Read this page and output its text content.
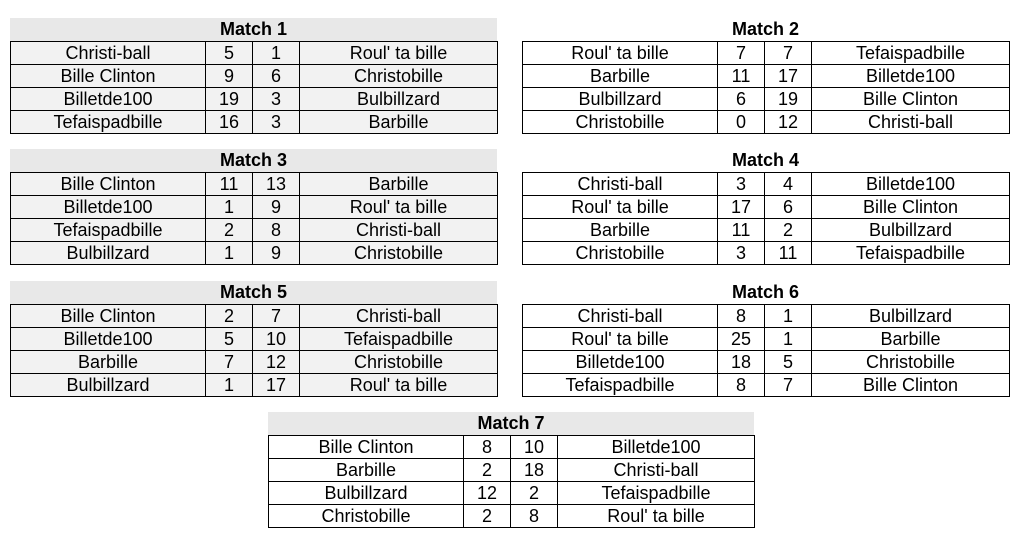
Match 1
Christi-ball	5	1	Roul' ta bille
Bille Clinton	9	6	Christobille
Billetde100	19	3	Bulbillzard
Tefaispadbille	16	3	Barbille
Match 2
Roul' ta bille	7	7	Tefaispadbille
Barbille	11	17	Billetde100
Bulbillzard	6	19	Bille Clinton
Christobille	0	12	Christi-ball
Match 3
Bille Clinton	11	13	Barbille
Billetde100	1	9	Roul' ta bille
Tefaispadbille	2	8	Christi-ball
Bulbillzard	1	9	Christobille
Match 4
Christi-ball	3	4	Billetde100
Roul' ta bille	17	6	Bille Clinton
Barbille	11	2	Bulbillzard
Christobille	3	11	Tefaispadbille
Match 5
Bille Clinton	2	7	Christi-ball
Billetde100	5	10	Tefaispadbille
Barbille	7	12	Christobille
Bulbillzard	1	17	Roul' ta bille
Match 6
Christi-ball	8	1	Bulbillzard
Roul' ta bille	25	1	Barbille
Billetde100	18	5	Christobille
Tefaispadbille	8	7	Bille Clinton
Match 7
Bille Clinton	8	10	Billetde100
Barbille	2	18	Christi-ball
Bulbillzard	12	2	Tefaispadbille
Christobille	2	8	Roul' ta bille
